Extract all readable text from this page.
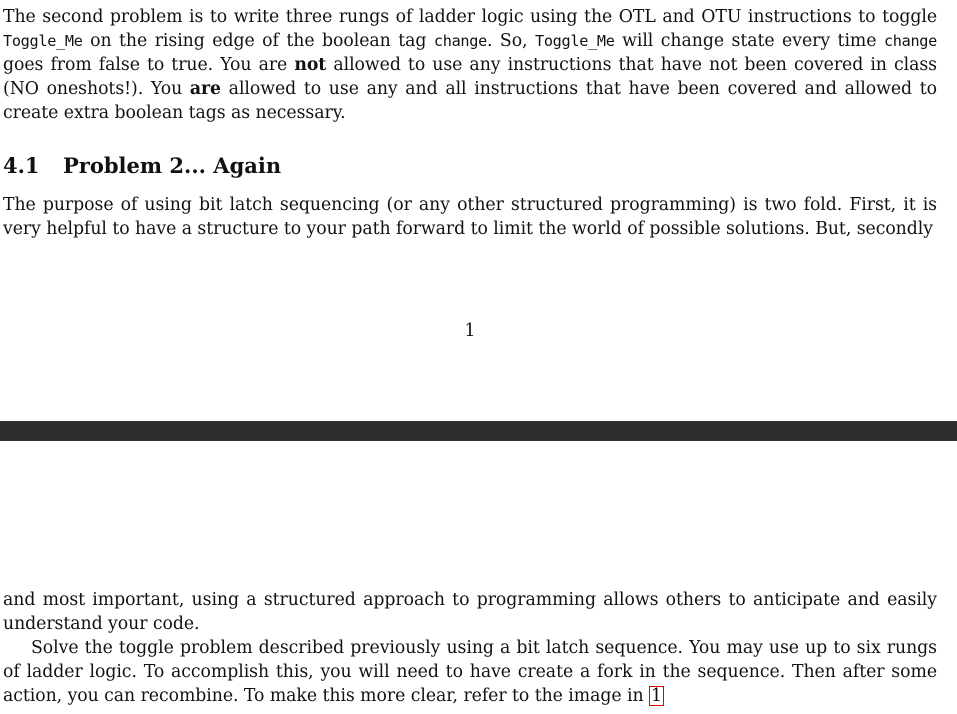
The second problem is to write three rungs of ladder logic using the OTL and OTU instructions to toggle Toggle_Me on the rising edge of the boolean tag change. So, Toggle_Me will change state every time change goes from false to true. You are not allowed to use any instructions that have not been covered in class (NO oneshots!). You are allowed to use any and all instructions that have been covered and allowed to create extra boolean tags as necessary.
4.1 Problem 2... Again
The purpose of using bit latch sequencing (or any other structured programming) is two fold. First, it is very helpful to have a structure to your path forward to limit the world of possible solutions. But, secondly
1
and most important, using a structured approach to programming allows others to anticipate and easily understand your code.
Solve the toggle problem described previously using a bit latch sequence. You may use up to six rungs of ladder logic. To accomplish this, you will need to have create a fork in the sequence. Then after some action, you can recombine. To make this more clear, refer to the image in 1
